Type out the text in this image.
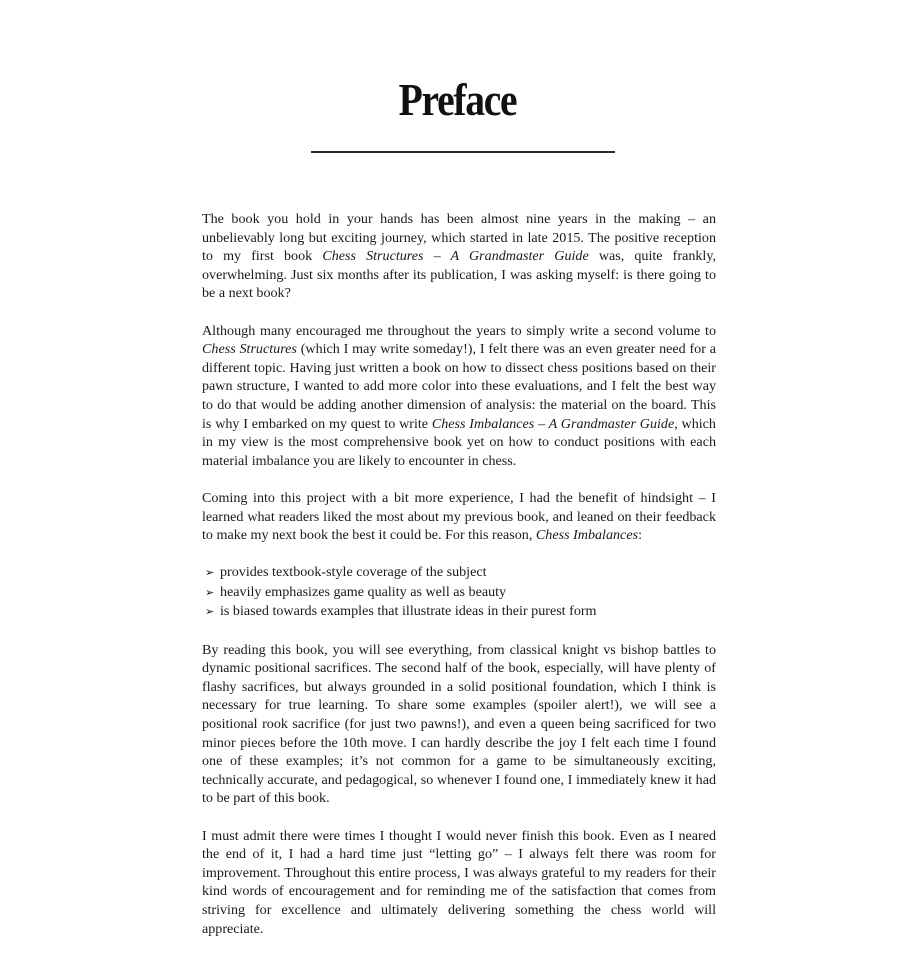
Preface

The book you hold in your hands has been almost nine years in the making – an unbelievably long but exciting journey, which started in late 2015. The positive reception to my first book Chess Structures – A Grandmaster Guide was, quite frankly, overwhelming. Just six months after its publication, I was asking myself: is there going to be a next book?

Although many encouraged me throughout the years to simply write a second volume to Chess Structures (which I may write someday!), I felt there was an even greater need for a different topic. Having just written a book on how to dissect chess positions based on their pawn structure, I wanted to add more color into these evaluations, and I felt the best way to do that would be adding another dimension of analysis: the material on the board. This is why I embarked on my quest to write Chess Imbalances – A Grandmaster Guide, which in my view is the most comprehensive book yet on how to conduct positions with each material imbalance you are likely to encounter in chess.

Coming into this project with a bit more experience, I had the benefit of hindsight – I learned what readers liked the most about my previous book, and leaned on their feedback to make my next book the best it could be. For this reason, Chess Imbalances:

➢ provides textbook-style coverage of the subject
➢ heavily emphasizes game quality as well as beauty
➢ is biased towards examples that illustrate ideas in their purest form

By reading this book, you will see everything, from classical knight vs bishop battles to dynamic positional sacrifices. The second half of the book, especially, will have plenty of flashy sacrifices, but always grounded in a solid positional foundation, which I think is necessary for true learning. To share some examples (spoiler alert!), we will see a positional rook sacrifice (for just two pawns!), and even a queen being sacrificed for two minor pieces before the 10th move. I can hardly describe the joy I felt each time I found one of these examples; it’s not common for a game to be simultaneously exciting, technically accurate, and pedagogical, so whenever I found one, I immediately knew it had to be part of this book.

I must admit there were times I thought I would never finish this book. Even as I neared the end of it, I had a hard time just “letting go” – I always felt there was room for improvement. Throughout this entire process, I was always grateful to my readers for their kind words of encouragement and for reminding me of the satisfaction that comes from striving for excellence and ultimately delivering something the chess world will appreciate.
